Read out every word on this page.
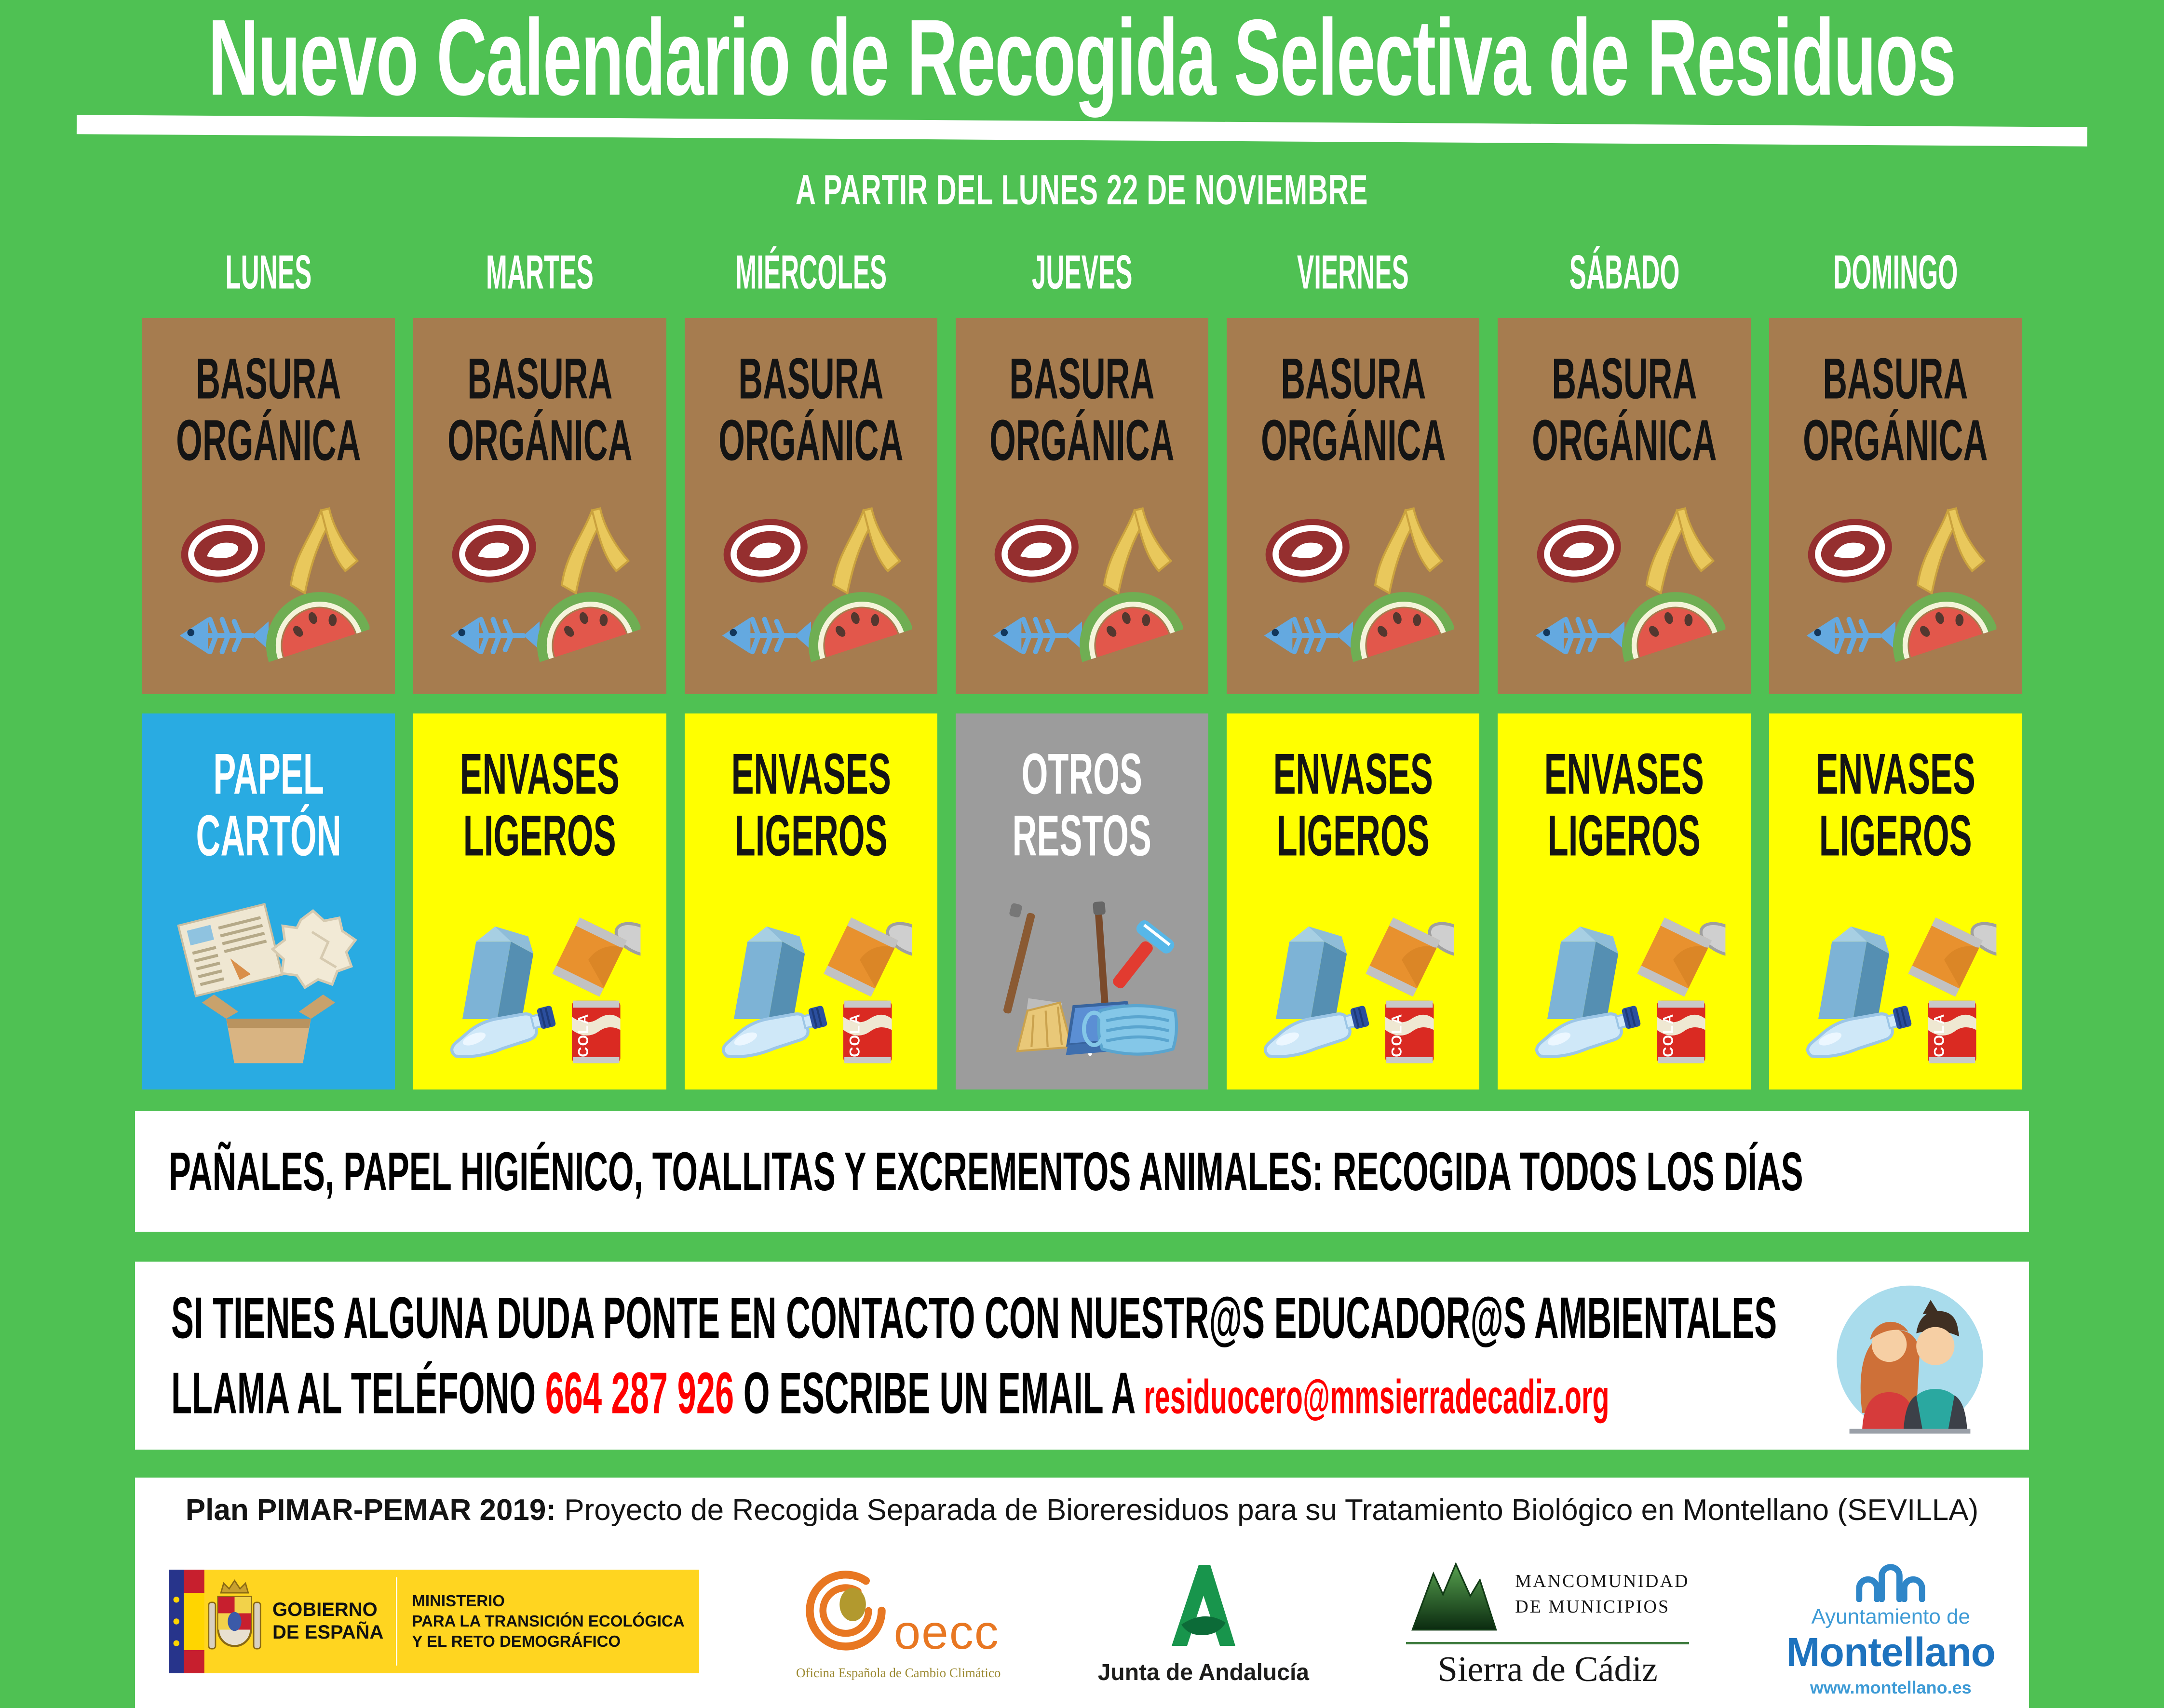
Nuevo Calendario de Recogida Selectiva de Residuos
A PARTIR DEL LUNES 22 DE NOVIEMBRE
LUNES
BASURA
ORGÁNICA
PAPEL
CARTÓN
MARTES
BASURA
ORGÁNICA
ENVASES
LIGEROS
MIÉRCOLES
BASURA
ORGÁNICA
ENVASES
LIGEROS
JUEVES
BASURA
ORGÁNICA
OTROS
RESTOS
VIERNES
BASURA
ORGÁNICA
ENVASES
LIGEROS
SÁBADO
BASURA
ORGÁNICA
ENVASES
LIGEROS
DOMINGO
BASURA
ORGÁNICA
ENVASES
LIGEROS
PAÑALES, PAPEL HIGIÉNICO, TOALLITAS Y EXCREMENTOS ANIMALES: RECOGIDA TODOS LOS DÍAS
SI TIENES ALGUNA DUDA PONTE EN CONTACTO CON NUESTR@S EDUCADOR@S AMBIENTALES
LLAMA AL TELÉFONO 664 287 926 O ESCRIBE UN EMAIL A residuocero@mmsierradecadiz.org
Plan PIMAR-PEMAR 2019: Proyecto de Recogida Separada de Bioreresiduos para su Tratamiento Biológico en Montellano (SEVILLA)
GOBIERNO
DE ESPAÑA
MINISTERIO
PARA LA TRANSICIÓN ECOLÓGICA
Y EL RETO DEMOGRÁFICO	oecc
Oficina Española de Cambio Climático	Junta de Andalucía
MANCOMUNIDAD
DE MUNICIPIOS
Sierra de Cádiz
Ayuntamiento de
Montellano
www.montellano.es
